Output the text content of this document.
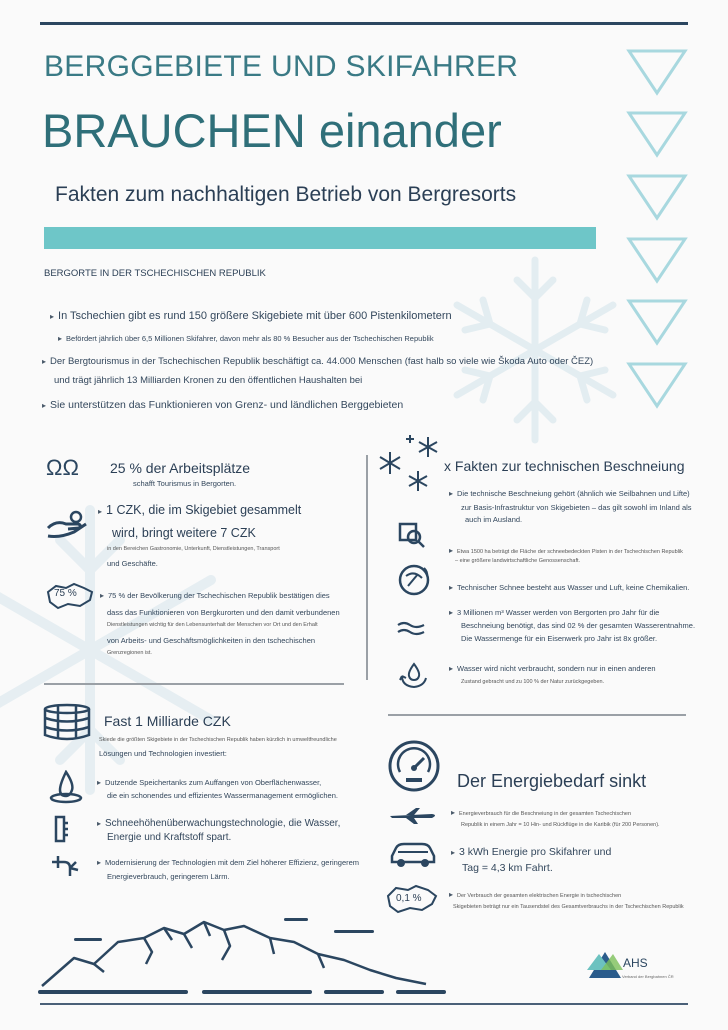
BERGGEBIETE UND SKIFAHRER
BRAUCHEN einander
Fakten zum nachhaltigen Betrieb von Bergresorts
BERGORTE IN DER TSCHECHISCHEN REPUBLIK
▸ In Tschechien gibt es rund 150 größere Skigebiete mit über 600 Pistenkilometern
▸ Befördert jährlich über 6,5 Millionen Skifahrer, davon mehr als 80 % Besucher aus der Tschechischen Republik
▸ Der Bergtourismus in der Tschechischen Republik beschäftigt ca. 44.000 Menschen (fast halb so viele wie Škoda Auto oder ČEZ)
und trägt jährlich 13 Milliarden Kronen zu den öffentlichen Haushalten bei
▸ Sie unterstützen das Funktionieren von Grenz- und ländlichen Berggebieten
ΩΩ 25 % der Arbeitsplätze
schafft Tourismus in Bergorten.
▸ 1 CZK, die im Skigebiet gesammelt
wird, bringt weitere 7 CZK
in den Bereichen Gastronomie, Unterkunft, Dienstleistungen, Transport
und Geschäfte.
75 %	▸ 75 % der Bevölkerung der Tschechischen Republik bestätigen dies
dass das Funktionieren von Bergkurorten und den damit verbundenen
Dienstleistungen wichtig für den Lebensunterhalt der Menschen vor Ort und den Erhalt
von Arbeits- und Geschäftsmöglichkeiten in den tschechischen
Grenzregionen ist.
Fast 1 Milliarde CZK
Skiede die größten Skigebiete in der Tschechischen Republik haben kürzlich in umweltfreundliche
Lösungen und Technologien investiert:
▸ Dutzende Speichertanks zum Auffangen von Oberflächenwasser,
die ein schonendes und effizientes Wassermanagement ermöglichen.
▸ Schneehöhenüberwachungstechnologie, die Wasser,
Energie und Kraftstoff spart.
▸ Modernisierung der Technologien mit dem Ziel höherer Effizienz, geringerem
Energieverbrauch, geringerem Lärm.
x Fakten zur technischen Beschneiung
▸ Die technische Beschneiung gehört (ähnlich wie Seilbahnen und Lifte)
zur Basis-Infrastruktur von Skigebieten – das gilt sowohl im Inland als
auch im Ausland.
▸ Etwa 1500 ha beträgt die Fläche der schneebedeckten Pisten in der Tschechischen Republik
– eine größere landwirtschaftliche Genossenschaft.
▸ Technischer Schnee besteht aus Wasser und Luft, keine Chemikalien.
▸ 3 Millionen m³ Wasser werden von Bergorten pro Jahr für die
Beschneiung benötigt, das sind 02 % der gesamten Wasserentnahme.
Die Wassermenge für ein Eisenwerk pro Jahr ist 8x größer.
▸ Wasser wird nicht verbraucht, sondern nur in einen anderen
Zustand gebracht und zu 100 % der Natur zurückgegeben.
Der Energiebedarf sinkt
▸ Energieverbrauch für die Beschneiung in der gesamten Tschechischen
Republik in einem Jahr = 10 Hin- und Rückflüge in die Karibik (für 200 Personen).
▸ 3 kWh Energie pro Skifahrer und
Tag = 4,3 km Fahrt.
0,1 %	▸ Der Verbrauch der gesamten elektrischen Energie in tschechischen
Skigebieten beträgt nur ein Tausendstel des Gesamtverbrauchs in der Tschechischen Republik
AHS
Verband der Bergbahnen ČR
